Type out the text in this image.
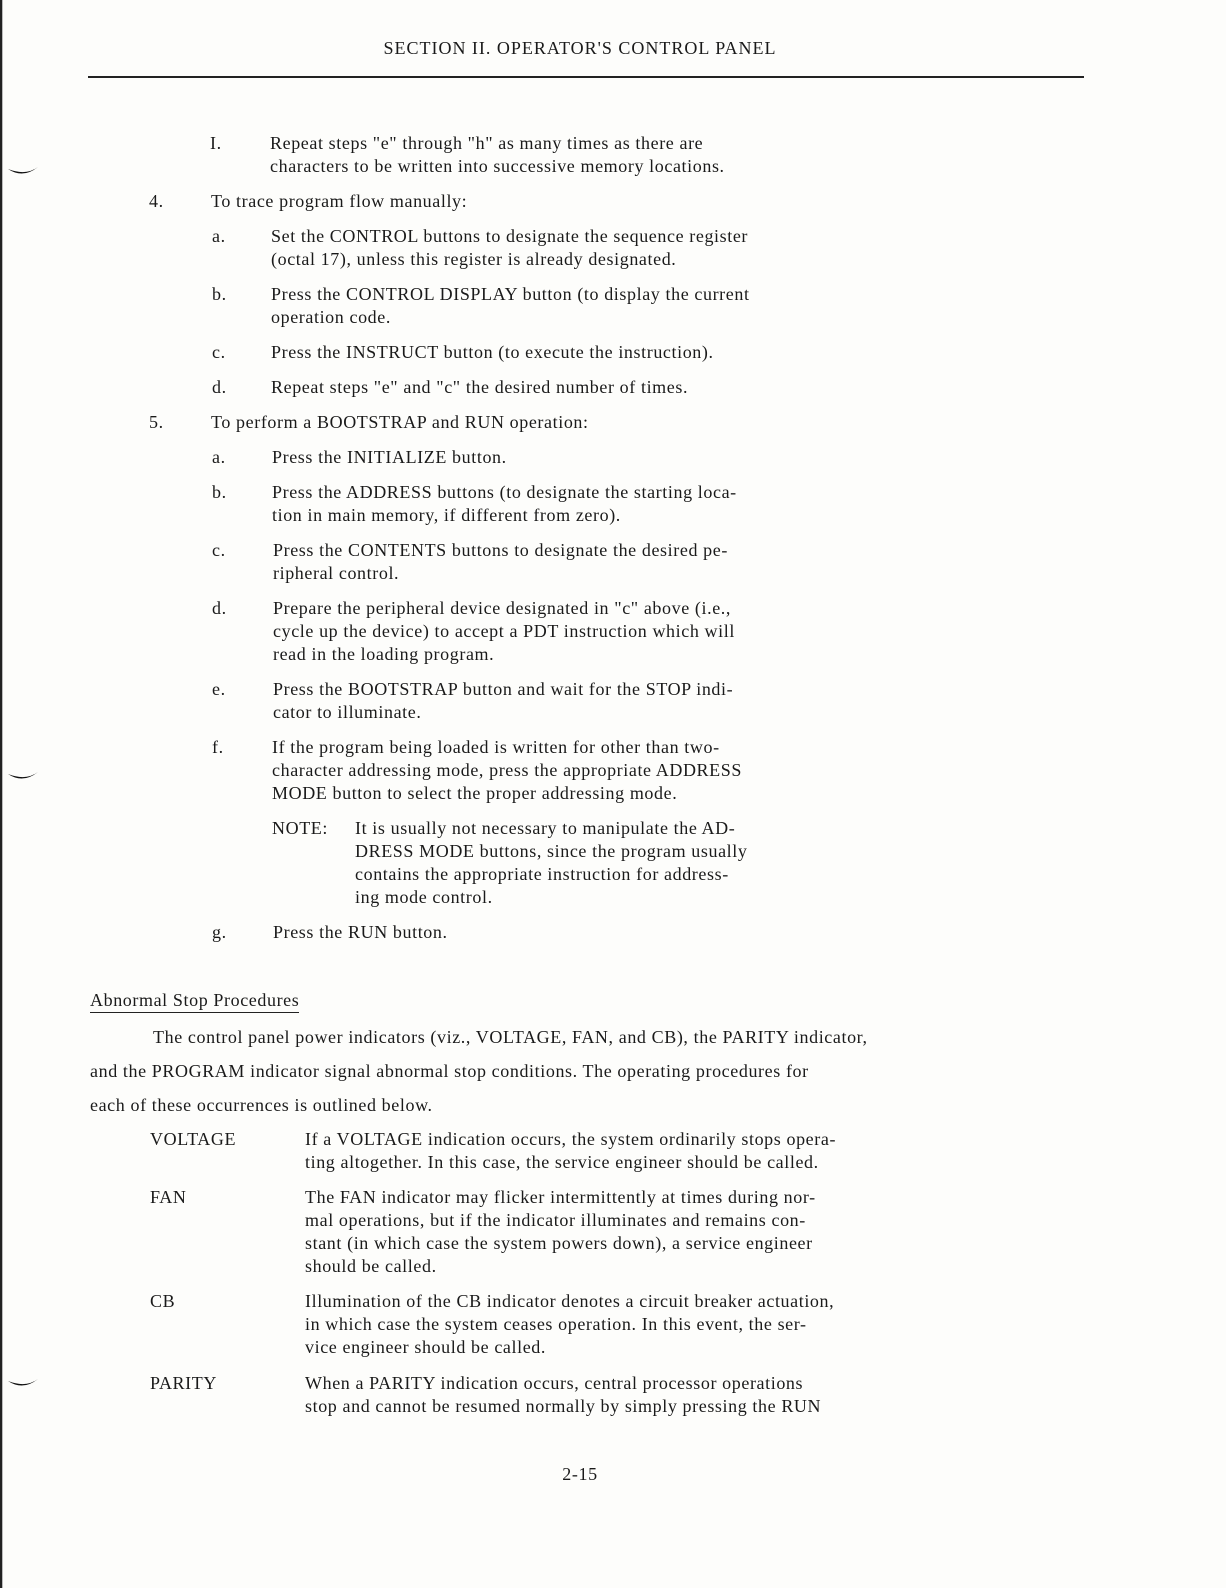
SECTION II. OPERATOR'S CONTROL PANEL
I.	Repeat steps "e" through "h" as many times as there are
characters to be written into successive memory locations.
4.	To trace program flow manually:
a.	Set the CONTROL buttons to designate the sequence register
(octal 17), unless this register is already designated.
b. Press the CONTROL DISPLAY button (to display the current
operation code.
c.	Press the INSTRUCT button (to execute the instruction).
d. Repeat steps "e" and "c" the desired number of times.
5.	To perform a BOOTSTRAP and RUN operation:
a.	Press the INITIALIZE button.
b.	Press the ADDRESS buttons (to designate the starting loca-
tion in main memory, if different from zero).
c.	Press the CONTENTS buttons to designate the desired pe-
ripheral control.
d.	Prepare the peripheral device designated in "c" above (i.e.,
cycle up the device) to accept a PDT instruction which will
read in the loading program.
e.	Press the BOOTSTRAP button and wait for the STOP indi-
cator to illuminate.
f.	If the program being loaded is written for other than two-
character addressing mode, press the appropriate ADDRESS
MODE button to select the proper addressing mode.
NOTE: It is usually not necessary to manipulate the AD-
DRESS MODE buttons, since the program usually
contains the appropriate instruction for address-
ing mode control.
g.	Press the RUN button.
Abnormal Stop Procedures
The control panel power indicators (viz., VOLTAGE, FAN, and CB), the PARITY indicator,
and the PROGRAM indicator signal abnormal stop conditions. The operating procedures for
each of these occurrences is outlined below.
VOLTAGE	If a VOLTAGE indication occurs, the system ordinarily stops opera-
ting altogether. In this case, the service engineer should be called.
FAN	The FAN indicator may flicker intermittently at times during nor-
mal operations, but if the indicator illuminates and remains con-
stant (in which case the system powers down), a service engineer
should be called.
CB	Illumination of the CB indicator denotes a circuit breaker actuation,
in which case the system ceases operation. In this event, the ser-
vice engineer should be called.
PARITY	When a PARITY indication occurs, central processor operations
stop and cannot be resumed normally by simply pressing the RUN
2-15
